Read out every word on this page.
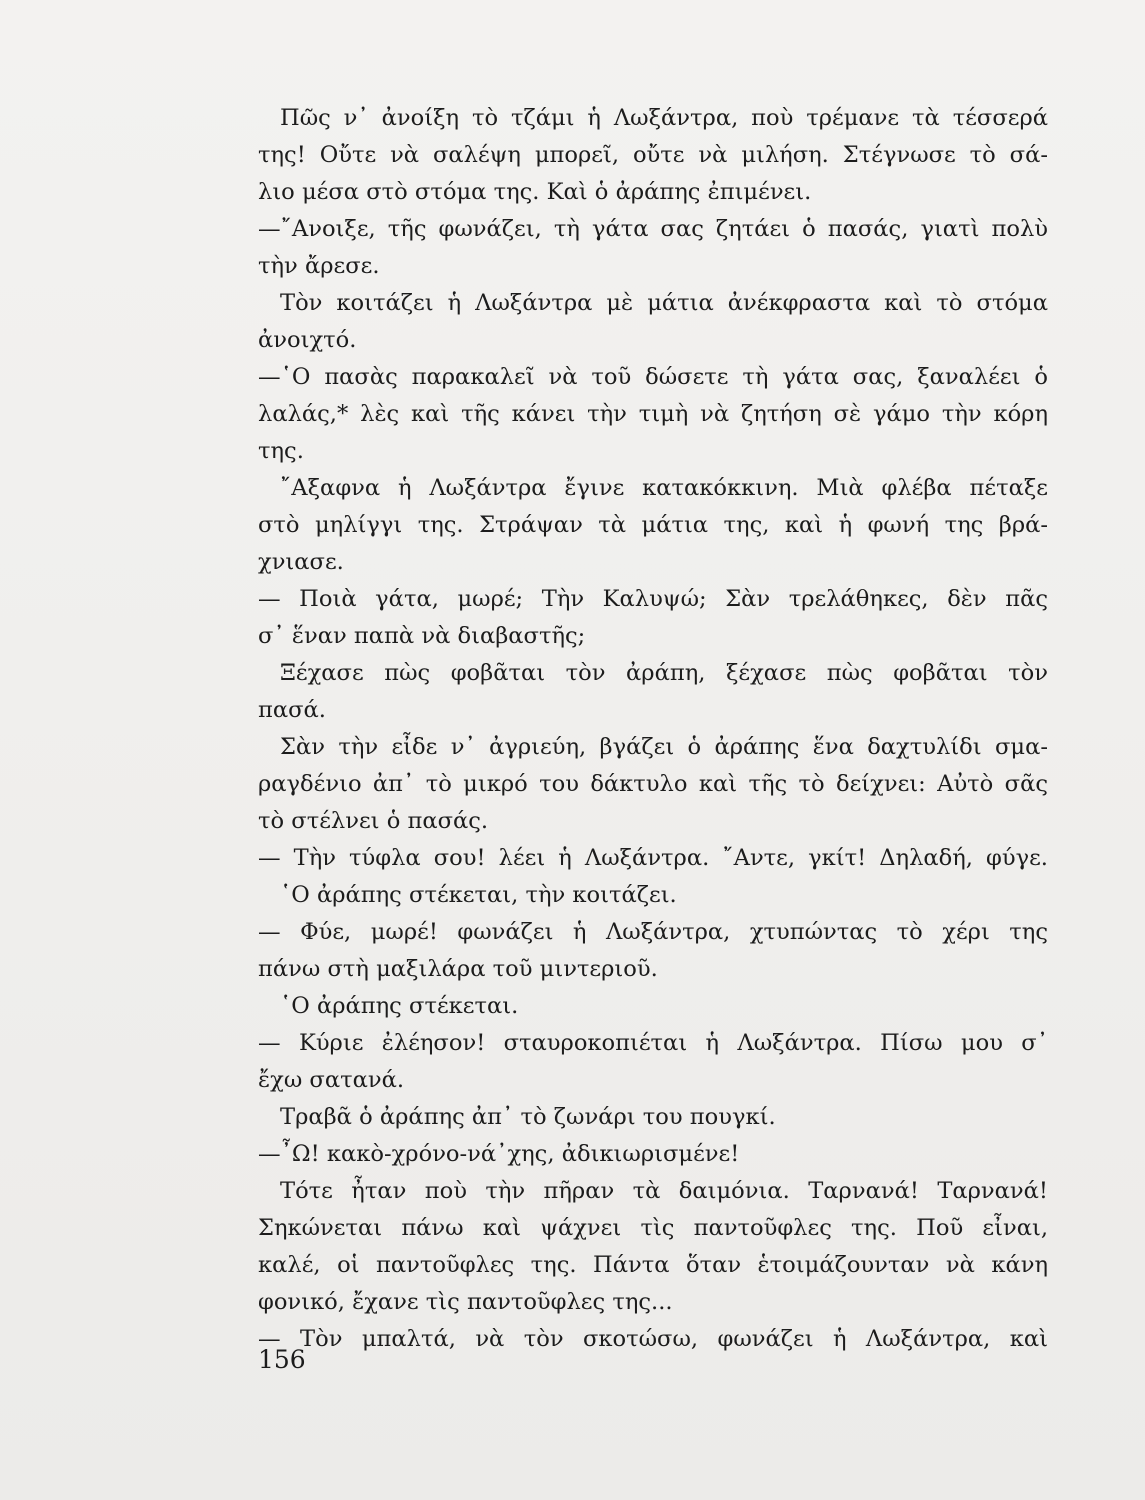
Πῶς ν᾿ ἀνοίξη τὸ τζάμι ἡ Λωξάντρα, ποὺ τρέμανε τὰ τέσσερά
της! Οὔτε νὰ σαλέψη μπορεῖ, οὔτε νὰ μιλήση. Στέγνωσε τὸ σά-
λιο μέσα στὸ στόμα της. Καὶ ὁ ἀράπης ἐπιμένει.
—῎Ανοιξε, τῆς φωνάζει, τὴ γάτα σας ζητάει ὁ πασάς, γιατὶ πολὺ
τὴν ἄρεσε.
Τὸν κοιτάζει ἡ Λωξάντρα μὲ μάτια ἀνέκφραστα καὶ τὸ στόμα
ἀνοιχτό.
—῾Ο πασὰς παρακαλεῖ νὰ τοῦ δώσετε τὴ γάτα σας, ξαναλέει ὁ
λαλάς,* λὲς καὶ τῆς κάνει τὴν τιμὴ νὰ ζητήση σὲ γάμο τὴν κόρη
της.
῎Αξαφνα ἡ Λωξάντρα ἔγινε κατακόκκινη. Μιὰ φλέβα πέταξε
στὸ μηλίγγι της. Στράψαν τὰ μάτια της, καὶ ἡ φωνή της βρά-
χνιασε.
— Ποιὰ γάτα, μωρέ; Τὴν Καλυψώ; Σὰν τρελάθηκες, δὲν πᾶς
σ᾿ ἕναν παπὰ νὰ διαβαστῆς;
Ξέχασε πὼς φοβᾶται τὸν ἀράπη, ξέχασε πὼς φοβᾶται τὸν
πασά.
Σὰν τὴν εἶδε ν᾿ ἀγριεύη, βγάζει ὁ ἀράπης ἕνα δαχτυλίδι σμα-
ραγδένιο ἀπ᾿ τὸ μικρό του δάκτυλο καὶ τῆς τὸ δείχνει: Αὐτὸ σᾶς
τὸ στέλνει ὁ πασάς.
— Τὴν τύφλα σου! λέει ἡ Λωξάντρα. ῎Αντε, γκίτ! Δηλαδή, φύγε.
῾Ο ἀράπης στέκεται, τὴν κοιτάζει.
— Φύε, μωρέ! φωνάζει ἡ Λωξάντρα, χτυπώντας τὸ χέρι της
πάνω στὴ μαξιλάρα τοῦ μιντεριοῦ.
῾Ο ἀράπης στέκεται.
— Κύριε ἐλέησον! σταυροκοπιέται ἡ Λωξάντρα. Πίσω μου σ᾿
ἔχω σατανά.
Τραβᾶ ὁ ἀράπης ἀπ᾿ τὸ ζωνάρι του πουγκί.
—῏Ω! κακὸ-χρόνο-νά᾿χης, ἀδικιωρισμένε!
Τότε ἦταν ποὺ τὴν πῆραν τὰ δαιμόνια. Ταρνανά! Ταρνανά!
Σηκώνεται πάνω καὶ ψάχνει τὶς παντοῦφλες της. Ποῦ εἶναι,
καλέ, οἱ παντοῦφλες της. Πάντα ὅταν ἑτοιμάζουνταν νὰ κάνη
φονικό, ἔχανε τὶς παντοῦφλες της...
— Τὸν μπαλτά, νὰ τὸν σκοτώσω, φωνάζει ἡ Λωξάντρα, καὶ
156
